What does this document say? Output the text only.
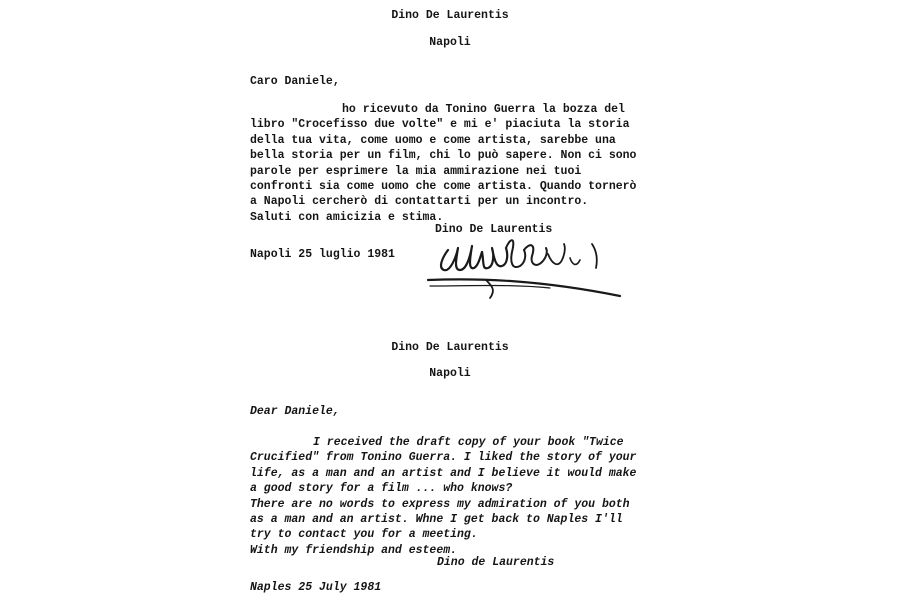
Dino De Laurentis
Napoli
Caro Daniele,
ho ricevuto da Tonino Guerra la bozza del
libro "Crocefisso due volte" e mi e' piaciuta la storia
della tua vita, come uomo e come artista, sarebbe una
bella storia per un film, chi lo può sapere. Non ci sono
parole per esprimere la mia ammirazione nei tuoi
confronti sia come uomo che come artista. Quando tornerò
a Napoli cercherò di contattarti per un incontro.
Saluti con amicizia e stima.
Dino De Laurentis
Napoli 25 luglio 1981
Dino De Laurentis
Napoli
Dear Daniele,
I received the draft copy of your book "Twice
Crucified" from Tonino Guerra. I liked the story of your
life, as a man and an artist and I believe it would make
a good story for a film ... who knows?
There are no words to express my admiration of you both
as a man and an artist. Whne I get back to Naples I'll
try to contact you for a meeting.
With my friendship and esteem.
Dino de Laurentis
Naples 25 July 1981
